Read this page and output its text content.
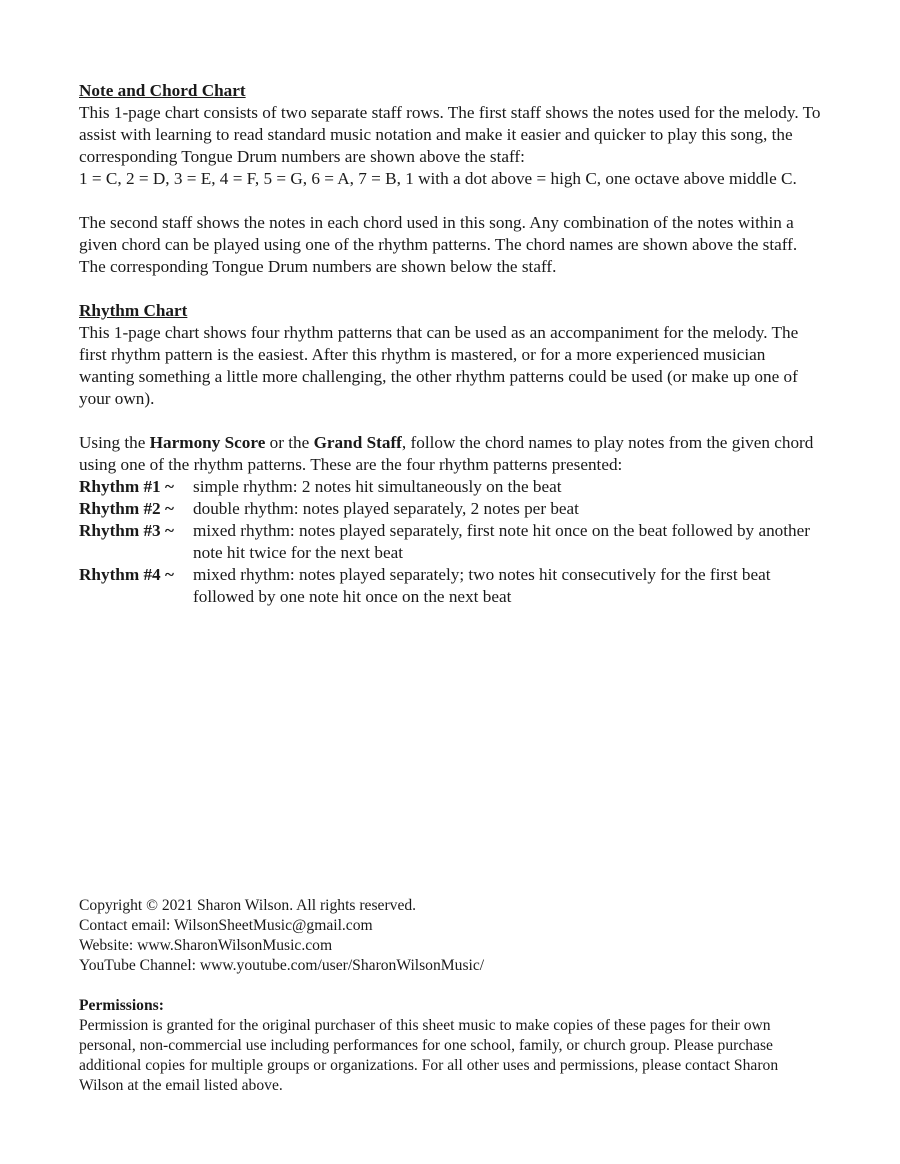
Note and Chord Chart

This 1-page chart consists of two separate staff rows. The first staff shows the notes used for the melody. To assist with learning to read standard music notation and make it easier and quicker to play this song, the corresponding Tongue Drum numbers are shown above the staff:
1 = C, 2 = D, 3 = E, 4 = F, 5 = G, 6 = A, 7 = B, 1 with a dot above = high C, one octave above middle C.

The second staff shows the notes in each chord used in this song. Any combination of the notes within a given chord can be played using one of the rhythm patterns. The chord names are shown above the staff. The corresponding Tongue Drum numbers are shown below the staff.

Rhythm Chart

This 1-page chart shows four rhythm patterns that can be used as an accompaniment for the melody. The first rhythm pattern is the easiest. After this rhythm is mastered, or for a more experienced musician wanting something a little more challenging, the other rhythm patterns could be used (or make up one of your own).

Using the Harmony Score or the Grand Staff, follow the chord names to play notes from the given chord using one of the rhythm patterns. These are the four rhythm patterns presented:

Rhythm #1 ~	simple rhythm: 2 notes hit simultaneously on the beat
Rhythm #2 ~	double rhythm: notes played separately, 2 notes per beat
Rhythm #3 ~	mixed rhythm: notes played separately, first note hit once on the beat followed by another note hit twice for the next beat
Rhythm #4 ~	mixed rhythm: notes played separately; two notes hit consecutively for the first beat followed by one note hit once on the next beat

Copyright © 2021 Sharon Wilson. All rights reserved.

Contact email: WilsonSheetMusic@gmail.com

Website: www.SharonWilsonMusic.com

YouTube Channel: www.youtube.com/user/SharonWilsonMusic/

Permissions:

Permission is granted for the original purchaser of this sheet music to make copies of these pages for their own personal, non-commercial use including performances for one school, family, or church group. Please purchase additional copies for multiple groups or organizations. For all other uses and permissions, please contact Sharon Wilson at the email listed above.
